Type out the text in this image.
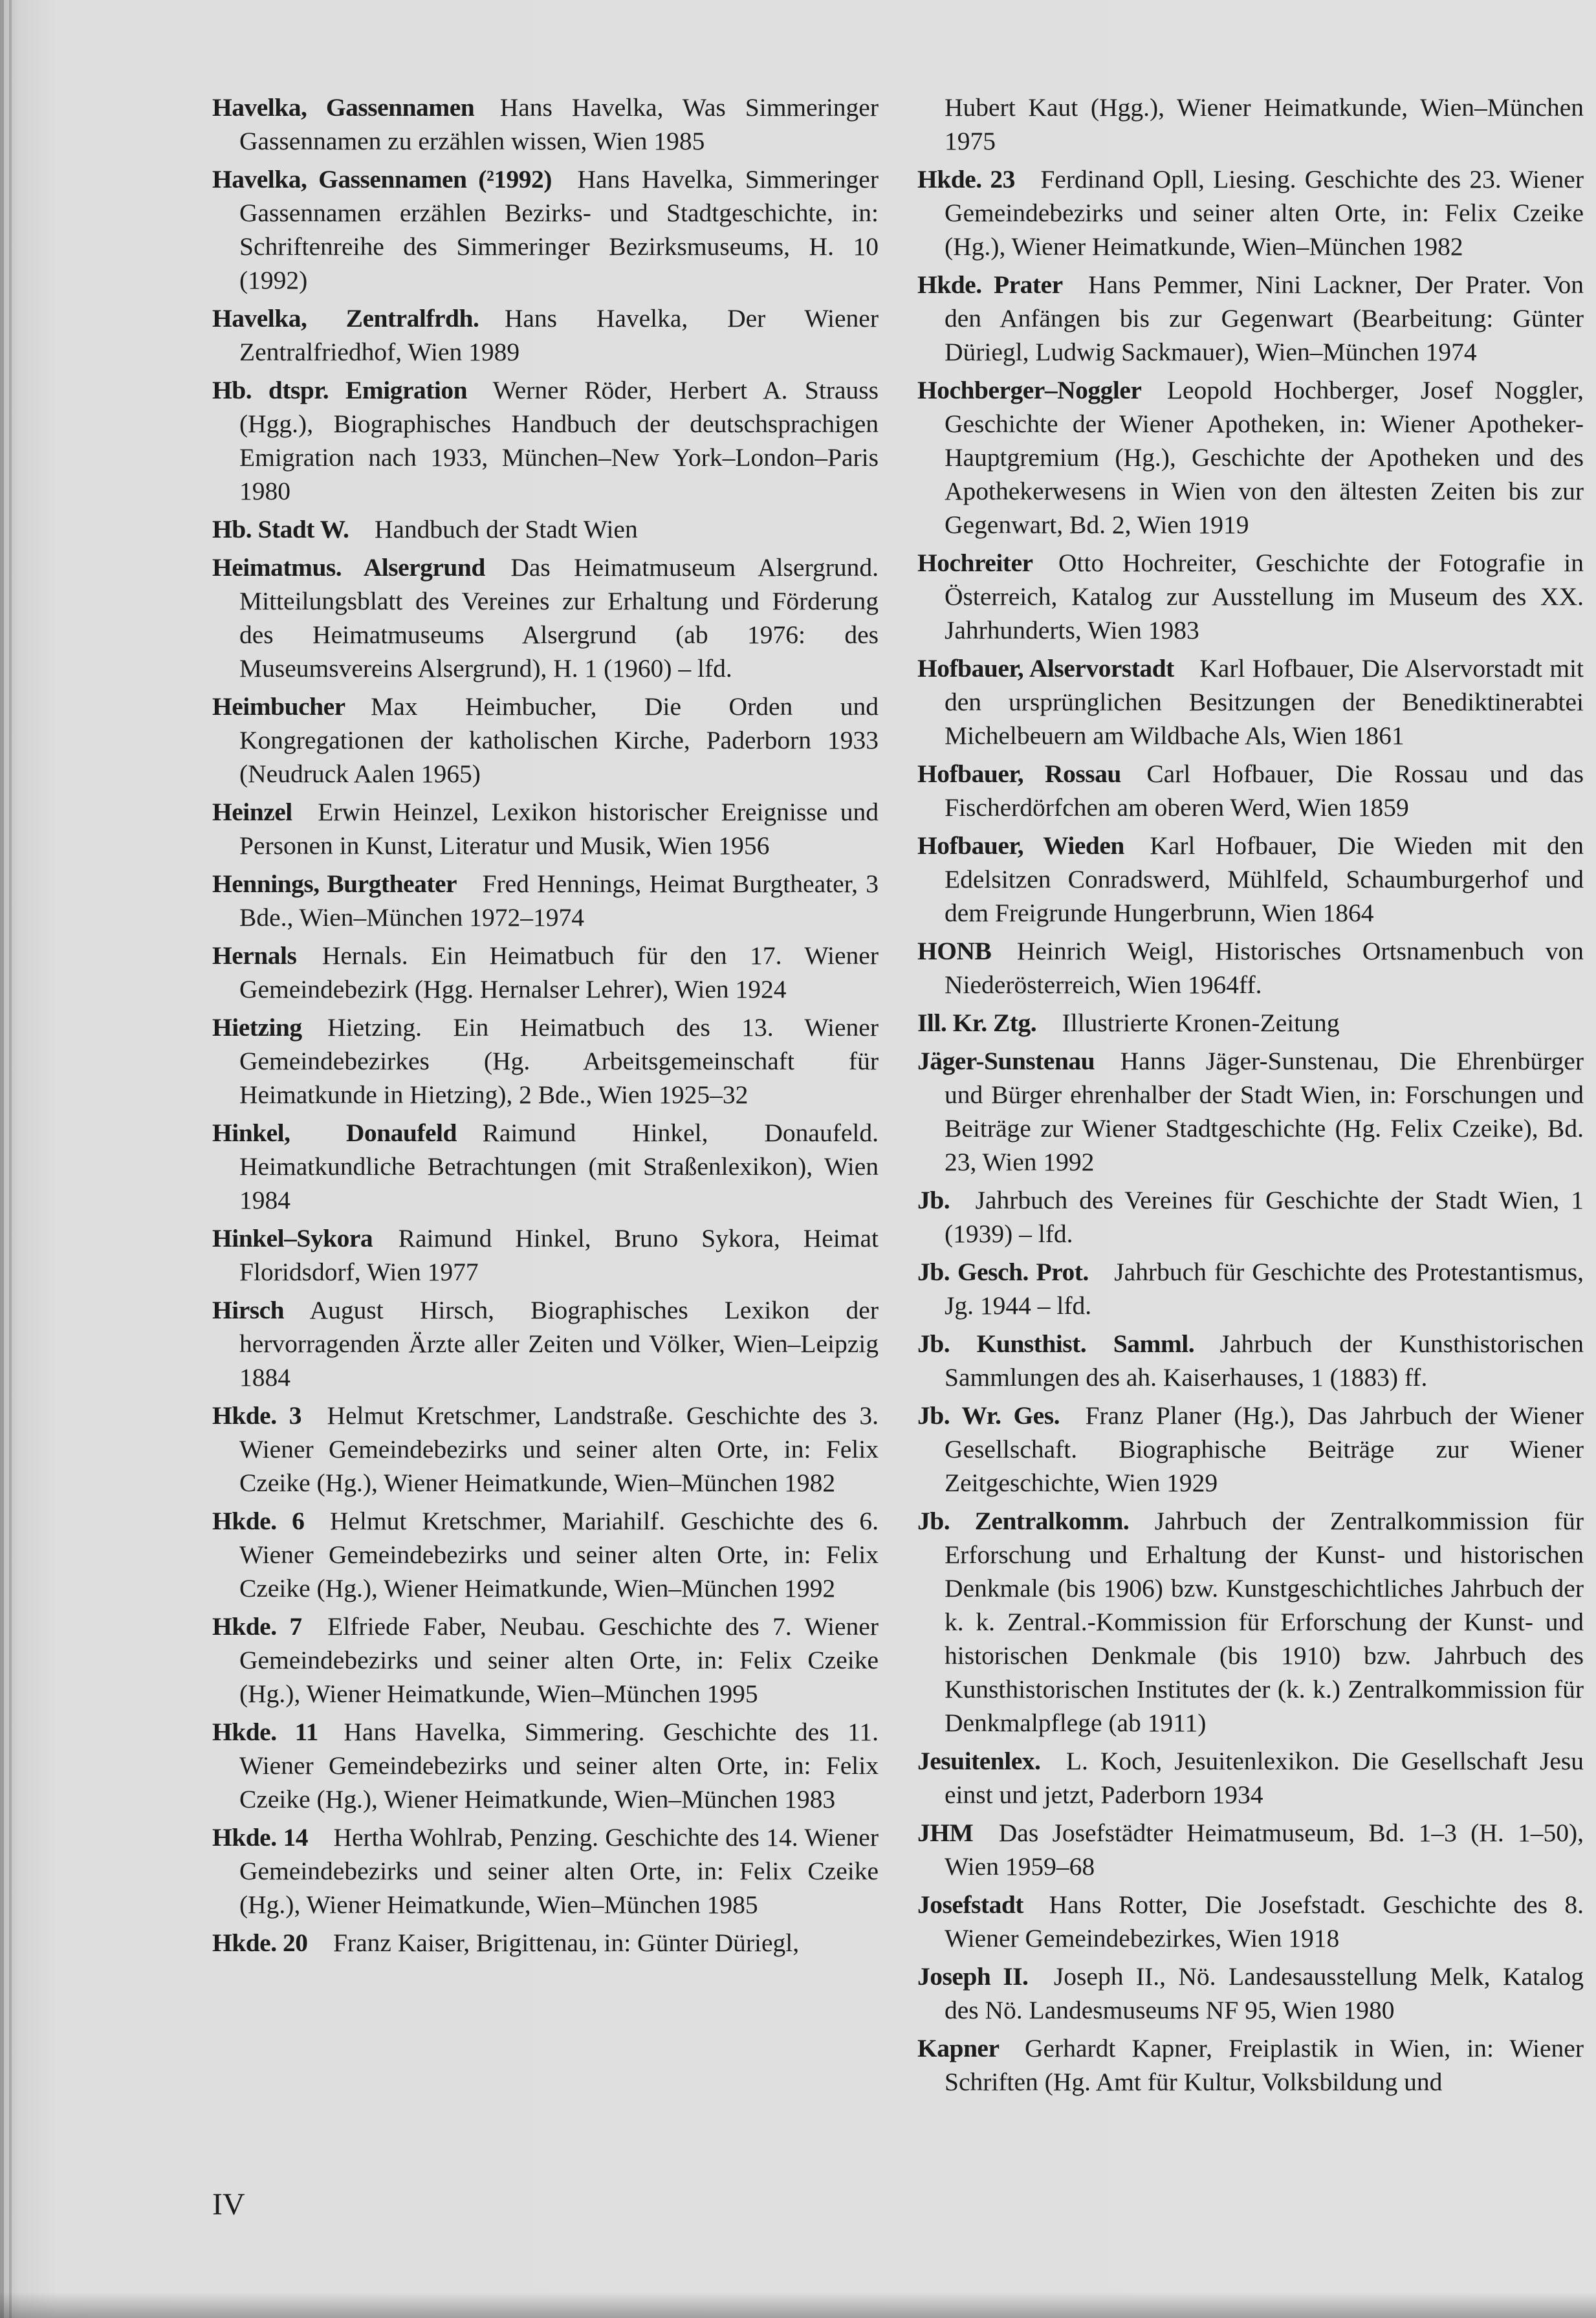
Havelka, Gassennamen   Hans Havelka, Was Simmeringer Gassennamen zu erzählen wissen, Wien 1985
Havelka, Gassennamen (²1992)   Hans Havelka, Simmeringer Gassennamen erzählen Bezirks- und Stadtgeschichte, in: Schriftenreihe des Simmeringer Bezirksmuseums, H. 10 (1992)
Havelka, Zentralfrdh.   Hans Havelka, Der Wiener Zentralfriedhof, Wien 1989
Hb. dtspr. Emigration   Werner Röder, Herbert A. Strauss (Hgg.), Biographisches Handbuch der deutschsprachigen Emigration nach 1933, München–New York–London–Paris 1980
Hb. Stadt W.   Handbuch der Stadt Wien
Heimatmus. Alsergrund   Das Heimatmuseum Alsergrund. Mitteilungsblatt des Vereines zur Erhaltung und Förderung des Heimatmuseums Alsergrund (ab 1976: des Museumsvereins Alsergrund), H. 1 (1960) – lfd.
Heimbucher   Max Heimbucher, Die Orden und Kongregationen der katholischen Kirche, Paderborn 1933 (Neudruck Aalen 1965)
Heinzel   Erwin Heinzel, Lexikon historischer Ereignisse und Personen in Kunst, Literatur und Musik, Wien 1956
Hennings, Burgtheater   Fred Hennings, Heimat Burgtheater, 3 Bde., Wien–München 1972–1974
Hernals   Hernals. Ein Heimatbuch für den 17. Wiener Gemeindebezirk (Hgg. Hernalser Lehrer), Wien 1924
Hietzing   Hietzing. Ein Heimatbuch des 13. Wiener Gemeindebezirkes (Hg. Arbeitsgemeinschaft für Heimatkunde in Hietzing), 2 Bde., Wien 1925–32
Hinkel, Donaufeld   Raimund Hinkel, Donaufeld. Heimatkundliche Betrachtungen (mit Straßenlexikon), Wien 1984
Hinkel–Sykora   Raimund Hinkel, Bruno Sykora, Heimat Floridsdorf, Wien 1977
Hirsch   August Hirsch, Biographisches Lexikon der hervorragenden Ärzte aller Zeiten und Völker, Wien–Leipzig 1884
Hkde. 3   Helmut Kretschmer, Landstraße. Geschichte des 3. Wiener Gemeindebezirks und seiner alten Orte, in: Felix Czeike (Hg.), Wiener Heimatkunde, Wien–München 1982
Hkde. 6   Helmut Kretschmer, Mariahilf. Geschichte des 6. Wiener Gemeindebezirks und seiner alten Orte, in: Felix Czeike (Hg.), Wiener Heimatkunde, Wien–München 1992
Hkde. 7   Elfriede Faber, Neubau. Geschichte des 7. Wiener Gemeindebezirks und seiner alten Orte, in: Felix Czeike (Hg.), Wiener Heimatkunde, Wien–München 1995
Hkde. 11   Hans Havelka, Simmering. Geschichte des 11. Wiener Gemeindebezirks und seiner alten Orte, in: Felix Czeike (Hg.), Wiener Heimatkunde, Wien–München 1983
Hkde. 14   Hertha Wohlrab, Penzing. Geschichte des 14. Wiener Gemeindebezirks und seiner alten Orte, in: Felix Czeike (Hg.), Wiener Heimatkunde, Wien–München 1985
Hkde. 20   Franz Kaiser, Brigittenau, in: Günter Düriegl,
Hubert Kaut (Hgg.), Wiener Heimatkunde, Wien–München 1975
Hkde. 23   Ferdinand Opll, Liesing. Geschichte des 23. Wiener Gemeindebezirks und seiner alten Orte, in: Felix Czeike (Hg.), Wiener Heimatkunde, Wien–München 1982
Hkde. Prater   Hans Pemmer, Nini Lackner, Der Prater. Von den Anfängen bis zur Gegenwart (Bearbeitung: Günter Düriegl, Ludwig Sackmauer), Wien–München 1974
Hochberger–Noggler   Leopold Hochberger, Josef Noggler, Geschichte der Wiener Apotheken, in: Wiener Apotheker-Hauptgremium (Hg.), Geschichte der Apotheken und des Apothekerwesens in Wien von den ältesten Zeiten bis zur Gegenwart, Bd. 2, Wien 1919
Hochreiter   Otto Hochreiter, Geschichte der Fotografie in Österreich, Katalog zur Ausstellung im Museum des XX. Jahrhunderts, Wien 1983
Hofbauer, Alservorstadt   Karl Hofbauer, Die Alservorstadt mit den ursprünglichen Besitzungen der Benediktinerabtei Michelbeuern am Wildbache Als, Wien 1861
Hofbauer, Rossau   Carl Hofbauer, Die Rossau und das Fischerdörfchen am oberen Werd, Wien 1859
Hofbauer, Wieden   Karl Hofbauer, Die Wieden mit den Edelsitzen Conradswerd, Mühlfeld, Schaumburgerhof und dem Freigrunde Hungerbrunn, Wien 1864
HONB   Heinrich Weigl, Historisches Ortsnamenbuch von Niederösterreich, Wien 1964ff.
Ill. Kr. Ztg.   Illustrierte Kronen-Zeitung
Jäger-Sunstenau   Hanns Jäger-Sunstenau, Die Ehrenbürger und Bürger ehrenhalber der Stadt Wien, in: Forschungen und Beiträge zur Wiener Stadtgeschichte (Hg. Felix Czeike), Bd. 23, Wien 1992
Jb.   Jahrbuch des Vereines für Geschichte der Stadt Wien, 1 (1939) – lfd.
Jb. Gesch. Prot.   Jahrbuch für Geschichte des Protestantismus, Jg. 1944 – lfd.
Jb. Kunsthist. Samml.   Jahrbuch der Kunsthistorischen Sammlungen des ah. Kaiserhauses, 1 (1883) ff.
Jb. Wr. Ges.   Franz Planer (Hg.), Das Jahrbuch der Wiener Gesellschaft. Biographische Beiträge zur Wiener Zeitgeschichte, Wien 1929
Jb. Zentralkomm.   Jahrbuch der Zentralkommission für Erforschung und Erhaltung der Kunst- und historischen Denkmale (bis 1906) bzw. Kunstgeschichtliches Jahrbuch der k. k. Zentral.-Kommission für Erforschung der Kunst- und historischen Denkmale (bis 1910) bzw. Jahrbuch des Kunsthistorischen Institutes der (k. k.) Zentralkommission für Denkmalpflege (ab 1911)
Jesuitenlex.   L. Koch, Jesuitenlexikon. Die Gesellschaft Jesu einst und jetzt, Paderborn 1934
JHM   Das Josefstädter Heimatmuseum, Bd. 1–3 (H. 1–50), Wien 1959–68
Josefstadt   Hans Rotter, Die Josefstadt. Geschichte des 8. Wiener Gemeindebezirkes, Wien 1918
Joseph II.   Joseph II., Nö. Landesausstellung Melk, Katalog des Nö. Landesmuseums NF 95, Wien 1980
Kapner   Gerhardt Kapner, Freiplastik in Wien, in: Wiener Schriften (Hg. Amt für Kultur, Volksbildung und
IV
